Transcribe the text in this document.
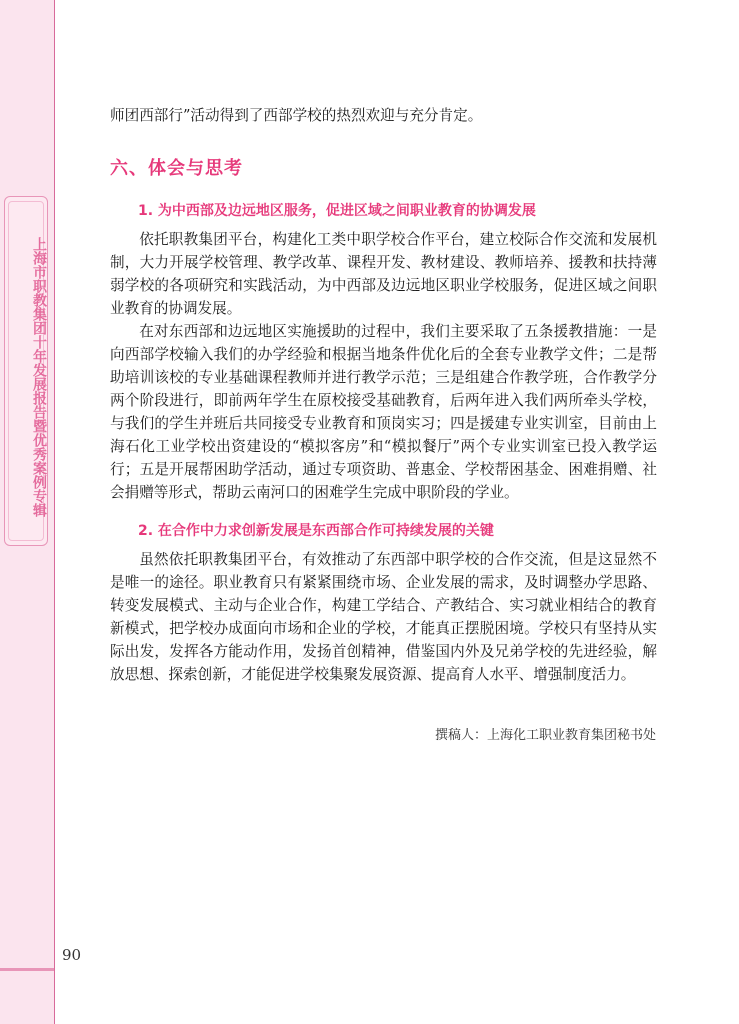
上海市职教集团十年发展报告暨优秀案例专辑

师团西部行”活动得到了西部学校的热烈欢迎与充分肯定。

六、体会与思考
1. 为中西部及边远地区服务，促进区域之间职业教育的协调发展

依托职教集团平台，构建化工类中职学校合作平台，建立校际合作交流和发展机制，大力开展学校管理、教学改革、课程开发、教材建设、教师培养、援教和扶持薄弱学校的各项研究和实践活动，为中西部及边远地区职业学校服务，促进区域之间职业教育的协调发展。

在对东西部和边远地区实施援助的过程中，我们主要采取了五条援教措施：一是向西部学校输入我们的办学经验和根据当地条件优化后的全套专业教学文件；二是帮助培训该校的专业基础课程教师并进行教学示范；三是组建合作教学班，合作教学分两个阶段进行，即前两年学生在原校接受基础教育，后两年进入我们两所牵头学校，与我们的学生并班后共同接受专业教育和顶岗实习；四是援建专业实训室，目前由上海石化工业学校出资建设的“模拟客房”和“模拟餐厅”两个专业实训室已投入教学运行；五是开展帮困助学活动，通过专项资助、普惠金、学校帮困基金、困难捐赠、社会捐赠等形式，帮助云南河口的困难学生完成中职阶段的学业。

2. 在合作中力求创新发展是东西部合作可持续发展的关键

虽然依托职教集团平台，有效推动了东西部中职学校的合作交流，但是这显然不是唯一的途径。职业教育只有紧紧围绕市场、企业发展的需求，及时调整办学思路、转变发展模式、主动与企业合作，构建工学结合、产教结合、实习就业相结合的教育新模式，把学校办成面向市场和企业的学校，才能真正摆脱困境。学校只有坚持从实际出发，发挥各方能动作用，发扬首创精神，借鉴国内外及兄弟学校的先进经验，解放思想、探索创新，才能促进学校集聚发展资源、提高育人水平、增强制度活力。

撰稿人：上海化工职业教育集团秘书处
90
